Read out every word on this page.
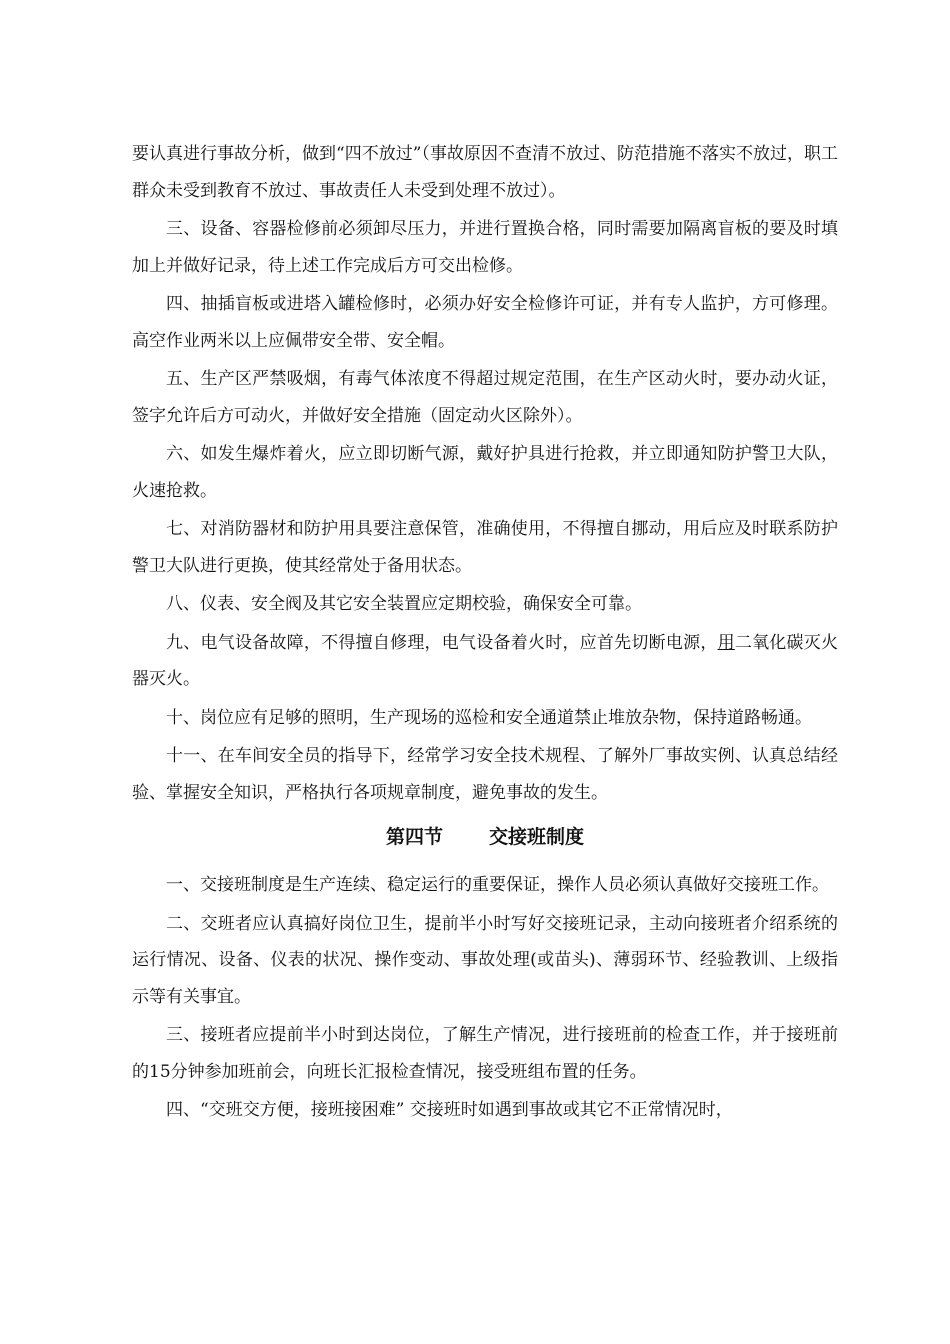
要认真进行事故分析，做到“四不放过”（事故原因不查清不放过、防范措施不落实不放过，职工群众未受到教育不放过、事故责任人未受到处理不放过）。

三、设备、容器检修前必须卸尽压力，并进行置换合格，同时需要加隔离盲板的要及时填加上并做好记录，待上述工作完成后方可交出检修。

四、抽插盲板或进塔入罐检修时，必须办好安全检修许可证，并有专人监护，方可修理。高空作业两米以上应佩带安全带、安全帽。

五、生产区严禁吸烟，有毒气体浓度不得超过规定范围，在生产区动火时，要办动火证，签字允许后方可动火，并做好安全措施（固定动火区除外）。

六、如发生爆炸着火，应立即切断气源，戴好护具进行抢救，并立即通知防护警卫大队，火速抢救。

七、对消防器材和防护用具要注意保管，准确使用，不得擅自挪动，用后应及时联系防护警卫大队进行更换，使其经常处于备用状态。

八、仪表、安全阀及其它安全装置应定期校验，确保安全可靠。

九、电气设备故障，不得擅自修理，电气设备着火时，应首先切断电源，用二氧化碳灭火器灭火。

十、岗位应有足够的照明，生产现场的巡检和安全通道禁止堆放杂物，保持道路畅通。

十一、在车间安全员的指导下，经常学习安全技术规程、了解外厂事故实例、认真总结经验、掌握安全知识，严格执行各项规章制度，避免事故的发生。

第四节 交接班制度

一、交接班制度是生产连续、稳定运行的重要保证，操作人员必须认真做好交接班工作。

二、交班者应认真搞好岗位卫生，提前半小时写好交接班记录，主动向接班者介绍系统的运行情况、设备、仪表的状况、操作变动、事故处理(或苗头)、薄弱环节、经验教训、上级指示等有关事宜。

三、接班者应提前半小时到达岗位，了解生产情况，进行接班前的检查工作，并于接班前的15分钟参加班前会，向班长汇报检查情况，接受班组布置的任务。

四、“交班交方便，接班接困难” 交接班时如遇到事故或其它不正常情况时，
